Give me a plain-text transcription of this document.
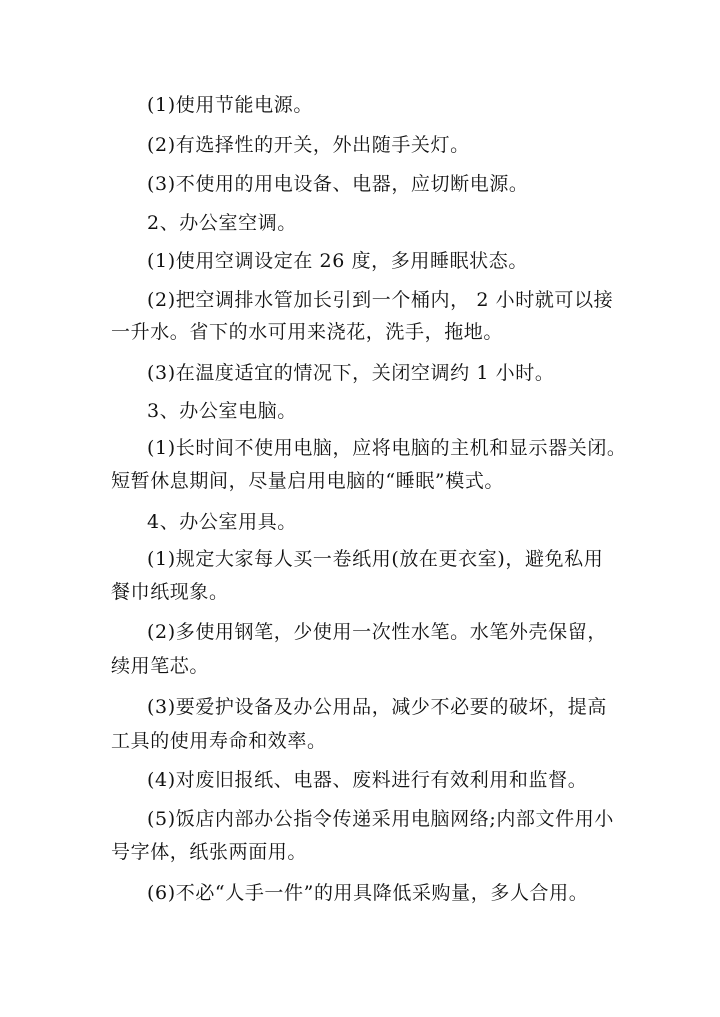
(1)使用节能电源。
(2)有选择性的开关，外出随手关灯。
(3)不使用的用电设备、电器，应切断电源。
2、办公室空调。
(1)使用空调设定在 26 度，多用睡眠状态。
(2)把空调排水管加长引到一个桶内， 2 小时就可以接
一升水。省下的水可用来浇花，洗手，拖地。
(3)在温度适宜的情况下，关闭空调约 1 小时。
3、办公室电脑。
(1)长时间不使用电脑，应将电脑的主机和显示器关闭。
短暂休息期间，尽量启用电脑的“睡眠”模式。
4、办公室用具。
(1)规定大家每人买一卷纸用(放在更衣室)，避免私用
餐巾纸现象。
(2)多使用钢笔，少使用一次性水笔。水笔外壳保留，
续用笔芯。
(3)要爱护设备及办公用品，减少不必要的破坏，提高
工具的使用寿命和效率。
(4)对废旧报纸、电器、废料进行有效利用和监督。
(5)饭店内部办公指令传递采用电脑网络;内部文件用小
号字体，纸张两面用。
(6)不必“人手一件”的用具降低采购量，多人合用。
